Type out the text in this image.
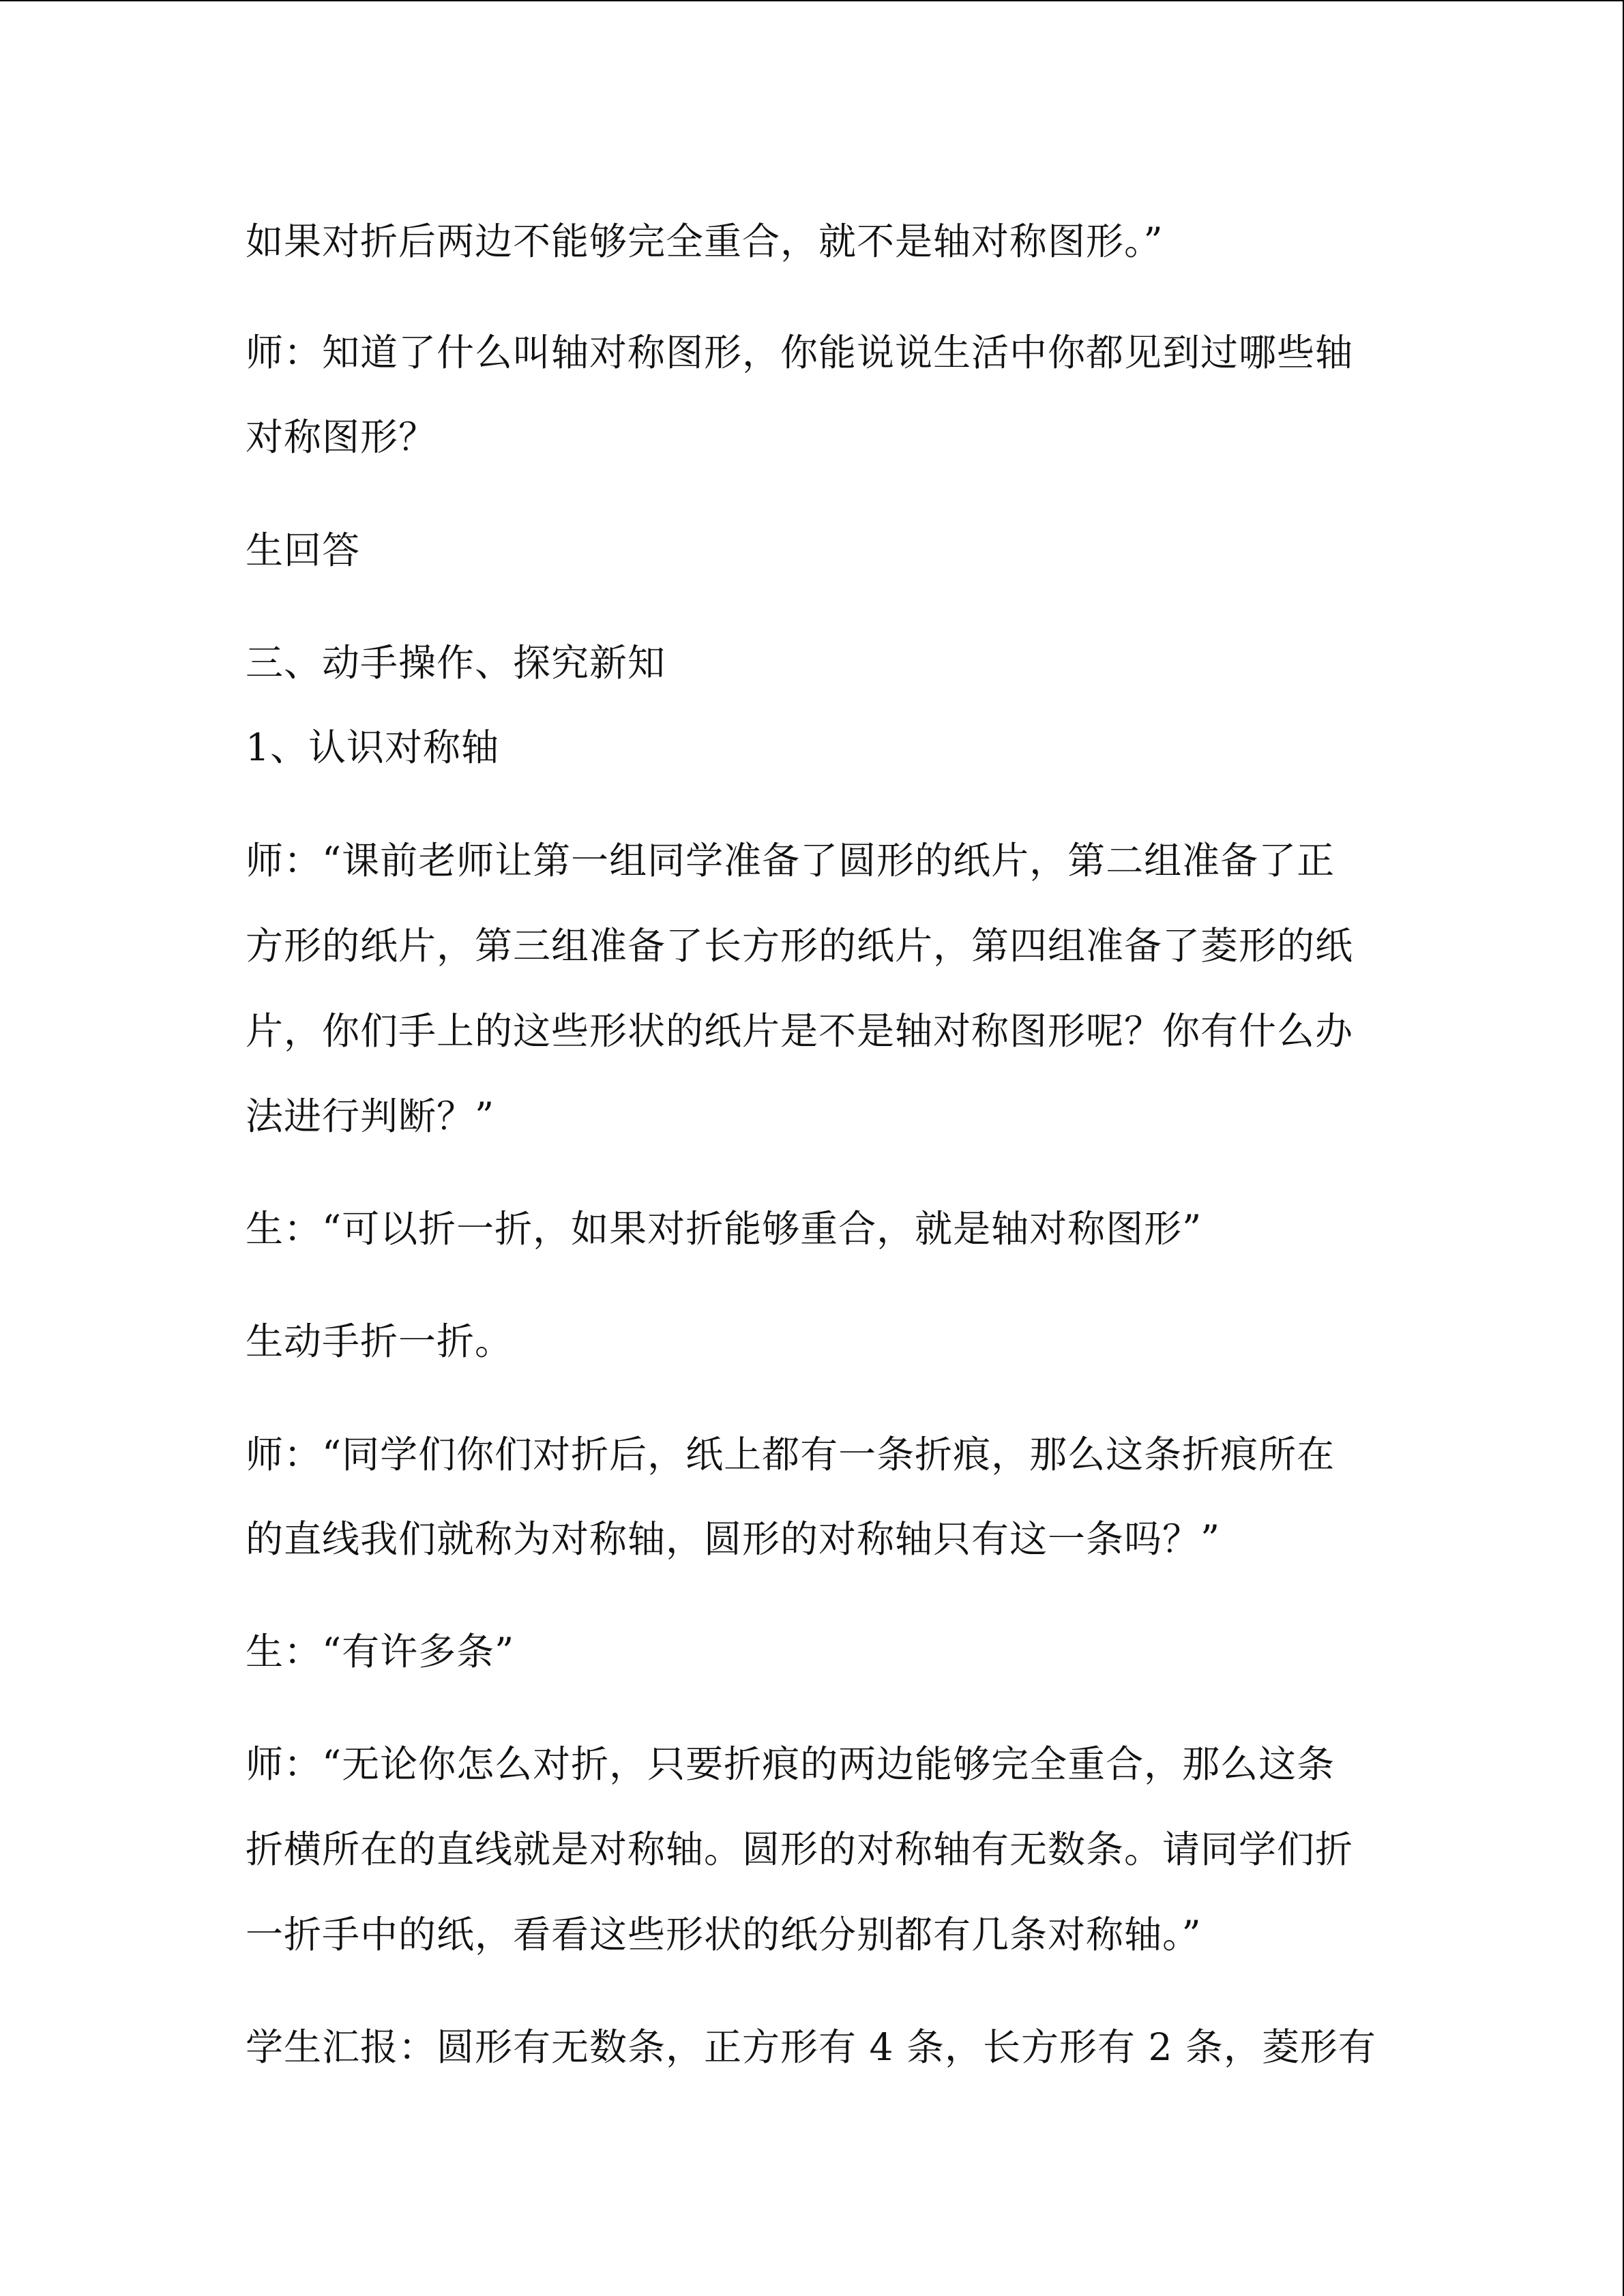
如果对折后两边不能够完全重合，就不是轴对称图形。”
师：知道了什么叫轴对称图形，你能说说生活中你都见到过哪些轴
对称图形？
生回答
三、动手操作、探究新知
1、认识对称轴
师：“课前老师让第一组同学准备了圆形的纸片，第二组准备了正
方形的纸片，第三组准备了长方形的纸片，第四组准备了菱形的纸
片，你们手上的这些形状的纸片是不是轴对称图形呢？你有什么办
法进行判断？”
生：“可以折一折，如果对折能够重合，就是轴对称图形”
生动手折一折。
师：“同学们你们对折后，纸上都有一条折痕，那么这条折痕所在
的直线我们就称为对称轴，圆形的对称轴只有这一条吗？”
生：“有许多条”
师：“无论你怎么对折，只要折痕的两边能够完全重合，那么这条
折横所在的直线就是对称轴。圆形的对称轴有无数条。请同学们折
一折手中的纸，看看这些形状的纸分别都有几条对称轴。”
学生汇报：圆形有无数条，正方形有 4 条，长方形有 2 条，菱形有
